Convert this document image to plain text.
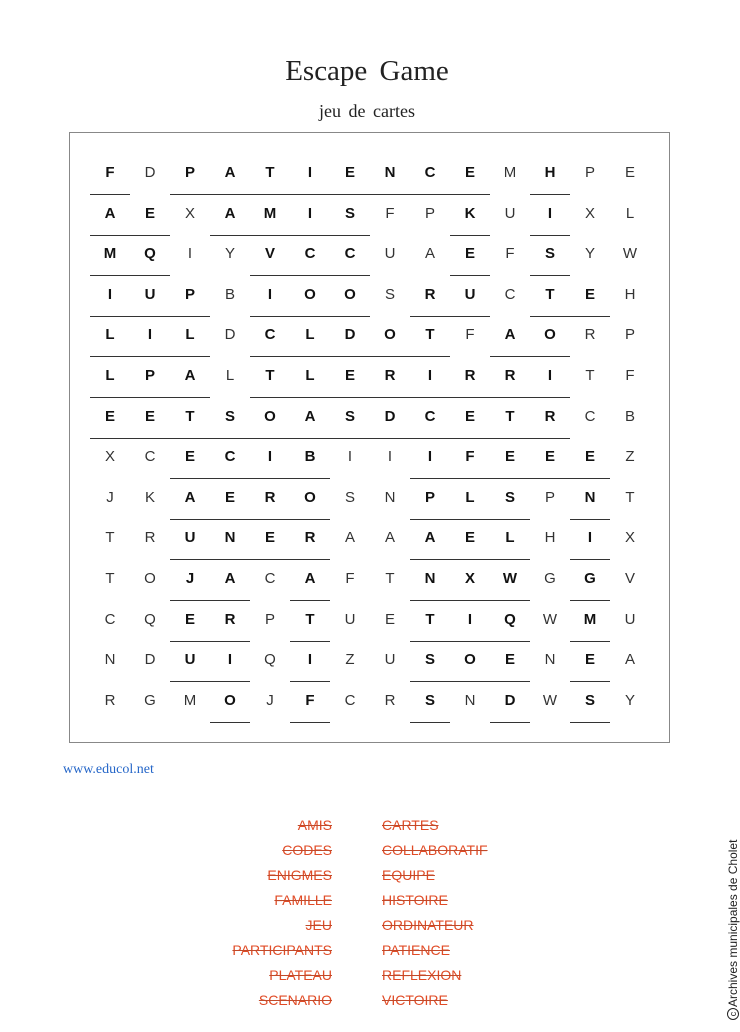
Escape Game
jeu de cartes
F	D	P	A	T	I	E	N	C	E	M	H	P	E
A	E	X	A	M	I	S	F	P	K	U	I	X	L
M	Q	I	Y	V	C	C	U	A	E	F	S	Y	W
I	U	P	B	I	O	O	S	R	U	C	T	E	H
L	I	L	D	C	L	D	O	T	F	A	O	R	P
L	P	A	L	T	L	E	R	I	R	R	I	T	F
E	E	T	S	O	A	S	D	C	E	T	R	C	B
X	C	E	C	I	B	I	I	I	F	E	E	E	Z
J	K	A	E	R	O	S	N	P	L	S	P	N	T
T	R	U	N	E	R	A	A	A	E	L	H	I	X
T	O	J	A	C	A	F	T	N	X	W	G	G	V
C	Q	E	R	P	T	U	E	T	I	Q	W	M	U
N	D	U	I	Q	I	Z	U	S	O	E	N	E	A
R	G	M	O	J	F	C	R	S	N	D	W	S	Y
www.educol.net
AMIS
CODES
ENIGMES
FAMILLE
JEU
PARTICIPANTS
PLATEAU
SCENARIO
CARTES
COLLABORATIF
EQUIPE
HISTOIRE
ORDINATEUR
PATIENCE
REFLEXION
VICTOIRE
c
Archives municipales de Cholet
